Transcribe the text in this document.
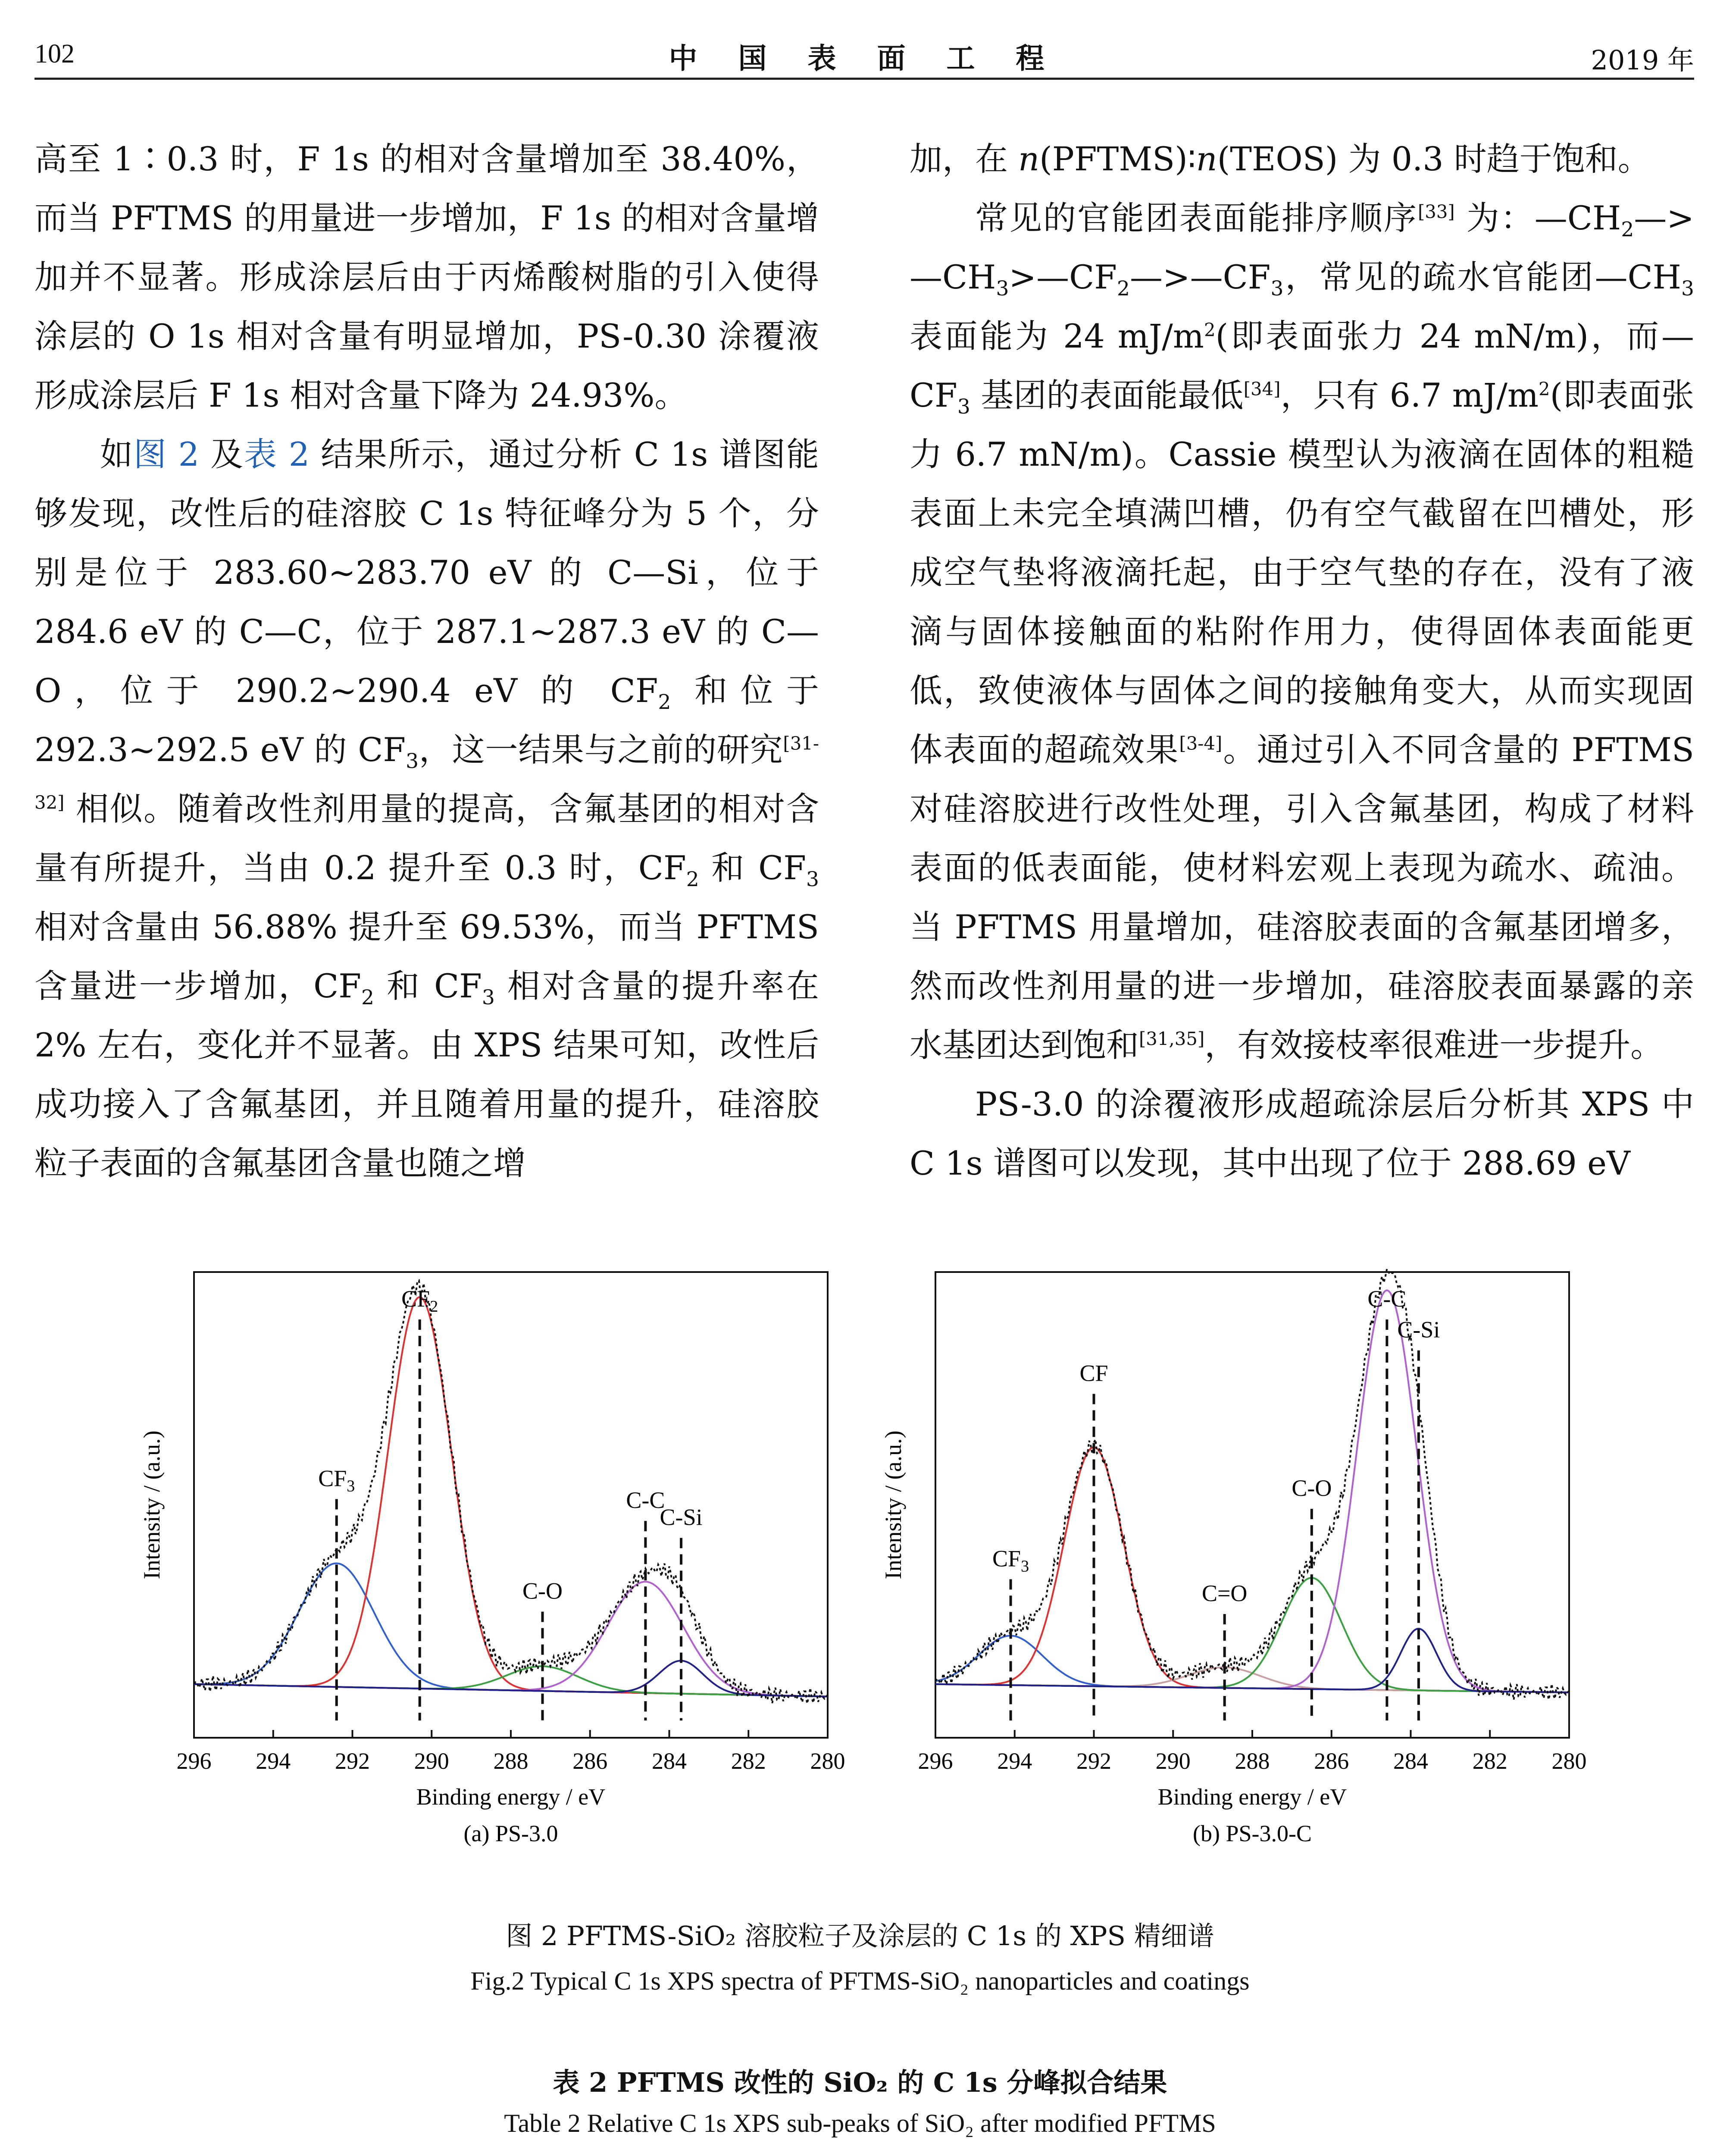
102	中 国 表 面 工 程	2019 年

高至 1∶0.3 时，F 1s 的相对含量增加至 38.40%，而当 PFTMS 的用量进一步增加，F 1s 的相对含量增加并不显著。形成涂层后由于丙烯酸树脂的引入使得涂层的 O 1s 相对含量有明显增加，PS-0.30 涂覆液形成涂层后 F 1s 相对含量下降为 24.93%。

如图 2 及表 2 结果所示，通过分析 C 1s 谱图能够发现，改性后的硅溶胶 C 1s 特征峰分为 5 个，分别是位于 283.60~283.70 eV 的 C—Si，位于 284.6 eV 的 C—C，位于 287.1~287.3 eV 的 C—O，位于 290.2~290.4 eV 的 $CF_2$ 和位于 292.3~292.5 eV 的 $CF_3$，这一结果与之前的研究[31-32] 相似。随着改性剂用量的提高，含氟基团的相对含量有所提升，当由 0.2 提升至 0.3 时，$CF_2$ 和 $CF_3$ 相对含量由 56.88% 提升至 69.53%，而当 PFTMS 含量进一步增加，$CF_2$ 和 $CF_3$ 相对含量的提升率在 2% 左右，变化并不显著。由 XPS 结果可知，改性后成功接入了含氟基团，并且随着用量的提升，硅溶胶粒子表面的含氟基团含量也随之增

加，在 n(PFTMS)∶n(TEOS) 为 0.3 时趋于饱和。

常见的官能团表面能排序顺序[33] 为：$—CH_2—>—CH_3>—CF_2—>—CF_3$，常见的疏水官能团$—CH_3$ 表面能为 24 $mJ/m^2$(即表面张力 24 mN/m)，而$—CF_3$ 基团的表面能最低[34]，只有 6.7 $mJ/m^2$(即表面张力 6.7 mN/m)。Cassie 模型认为液滴在固体的粗糙表面上未完全填满凹槽，仍有空气截留在凹槽处，形成空气垫将液滴托起，由于空气垫的存在，没有了液滴与固体接触面的粘附作用力，使得固体表面能更低，致使液体与固体之间的接触角变大，从而实现固体表面的超疏效果[3-4]。通过引入不同含量的 PFTMS 对硅溶胶进行改性处理，引入含氟基团，构成了材料表面的低表面能，使材料宏观上表现为疏水、疏油。当 PFTMS 用量增加，硅溶胶表面的含氟基团增多，然而改性剂用量的进一步增加，硅溶胶表面暴露的亲水基团达到饱和[31,35]，有效接枝率很难进一步提升。

PS-3.0 的涂覆液形成超疏涂层后分析其 XPS 中 C 1s 谱图可以发现，其中出现了位于 288.69 eV

296 294 292 290 288 286 284 282 280
Binding energy / eV
(a) PS-3.0
Intensity / (a.u.)	$CF_3$
$CF_2$
C-O
C-C
C-Si
296 294 292 290 288 286 284 282 280
Binding energy / eV
(b) PS-3.0-C
Intensity / (a.u.)	$CF_3$
CF
C=O
C-O
C-C
C-Si
图 2 PFTMS-SiO₂ 溶胶粒子及涂层的 C 1s 的 XPS 精细谱
Fig.2 Typical C 1s XPS spectra of PFTMS-SiO₂ nanoparticles and coatings
表 2 PFTMS 改性的 SiO₂ 的 C 1s 分峰拟合结果
Table 2 Relative C 1s XPS sub-peaks of SiO₂ after modified PFTMS
